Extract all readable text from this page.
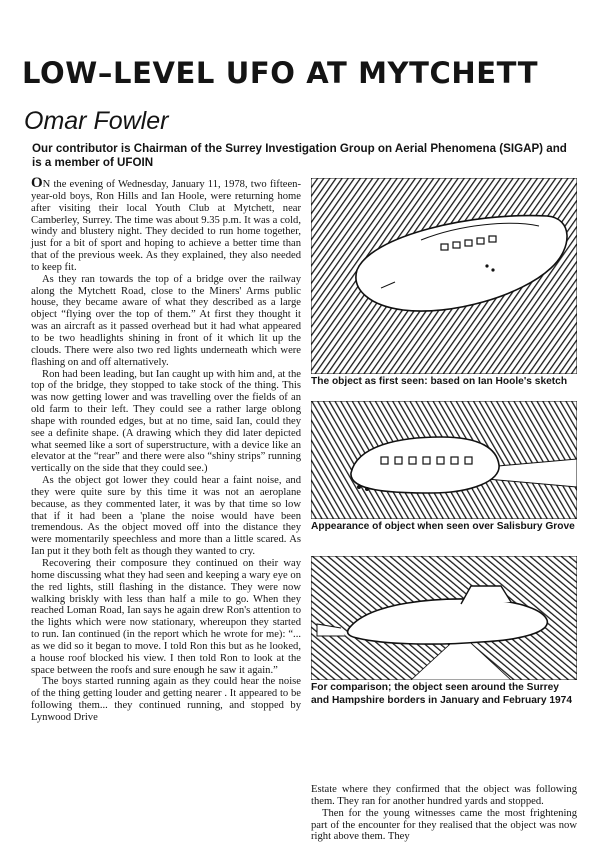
LOW–LEVEL UFO AT MYTCHETT
Omar Fowler

Our contributor is Chairman of the Surrey Investigation Group on Aerial Phenomena (SIGAP) and is a member of UFOIN

ON the evening of Wednesday, January 11, 1978, two fifteen-year-old boys, Ron Hills and Ian Hoole, were returning home after visiting their local Youth Club at Mytchett, near Camberley, Surrey. The time was about 9.35 p.m. It was a cold, windy and blustery night. They decided to run home together, just for a bit of sport and hoping to achieve a better time than that of the previous week. As they explained, they also needed to keep fit.

As they ran towards the top of a bridge over the railway along the Mytchett Road, close to the Miners' Arms public house, they became aware of what they described as a large object “flying over the top of them.” At first they thought it was an aircraft as it passed overhead but it had what appeared to be two headlights shining in front of it which lit up the clouds. There were also two red lights underneath which were flashing on and off alternatively.

Ron had been leading, but Ian caught up with him and, at the top of the bridge, they stopped to take stock of the thing. This was now getting lower and was travelling over the fields of an old farm to their left. They could see a rather large oblong shape with rounded edges, but at no time, said Ian, could they see a definite shape. (A drawing which they did later depicted what seemed like a sort of superstructure, with a device like an elevator at the “rear” and there were also “shiny strips” running vertically on the side that they could see.)

As the object got lower they could hear a faint noise, and they were quite sure by this time it was not an aeroplane because, as they commented later, it was by that time so low that if it had been a 'plane the noise would have been tremendous. As the object moved off into the distance they were momentarily speechless and more than a little scared. As Ian put it they both felt as though they wanted to cry.

Recovering their composure they continued on their way home discussing what they had seen and keeping a wary eye on the red lights, still flashing in the distance. They were now walking briskly with less than half a mile to go. When they reached Loman Road, Ian says he again drew Ron's attention to the lights which were now stationary, whereupon they started to run. Ian continued (in the report which he wrote for me): “... as we did so it began to move. I told Ron this but as he looked, a house roof blocked his view. I then told Ron to look at the space between the roofs and sure enough he saw it again.”

The boys started running again as they could hear the noise of the thing getting louder and getting nearer . It appeared to be following them... they continued running, and stopped by Lynwood Drive

The object as first seen: based on Ian Hoole's sketch

Appearance of object when seen over Salisbury Grove

For comparison; the object seen around the Surrey and Hampshire borders in January and February 1974

Estate where they confirmed that the object was following them. They ran for another hundred yards and stopped.

Then for the young witnesses came the most frightening part of the encounter for they realised that the object was now right above them. They
